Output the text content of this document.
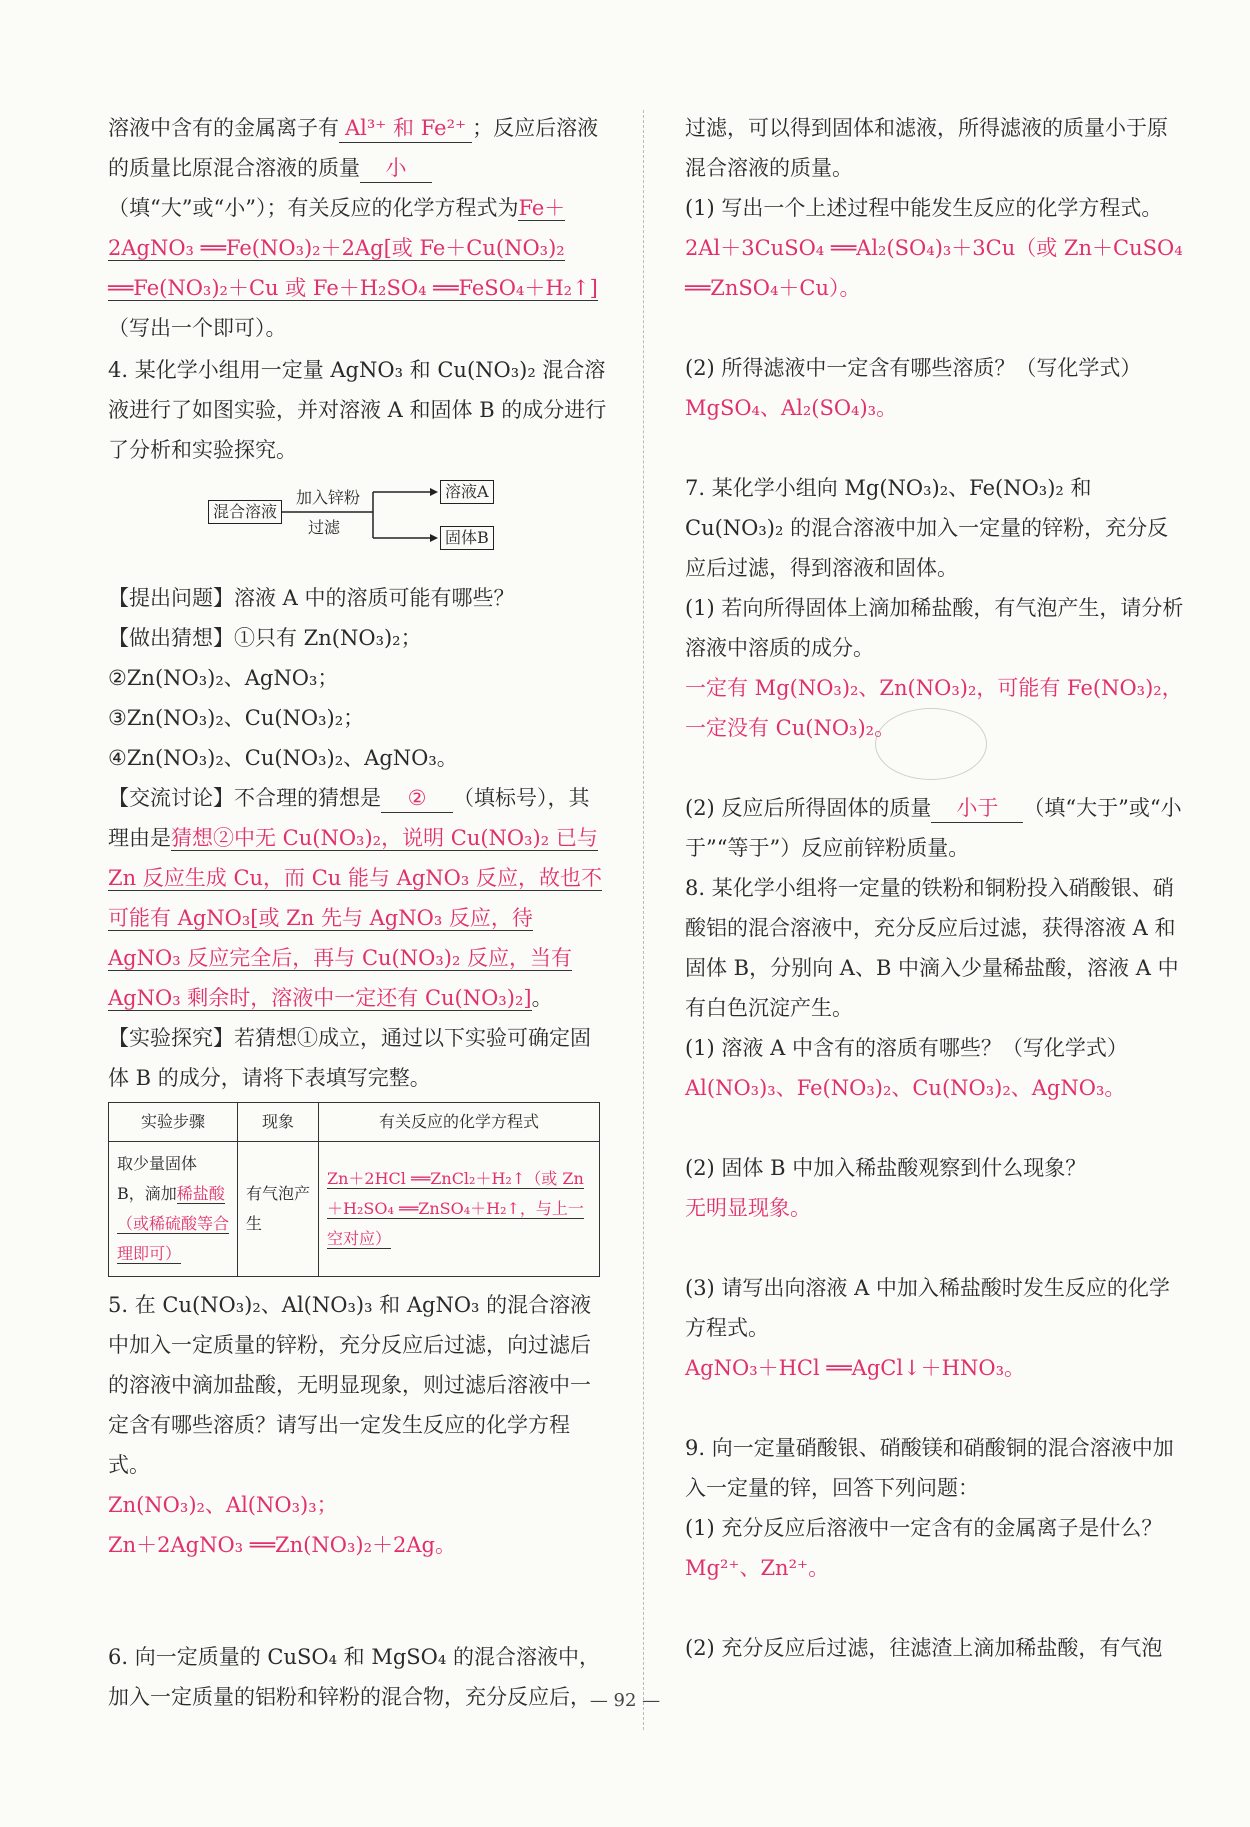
溶液中含有的金属离子有 Al³⁺ 和 Fe²⁺ ；反应后溶液的质量比原混合溶液的质量 小（填“大”或“小”）；有关反应的化学方程式为Fe＋2AgNO₃ ══Fe(NO₃)₂＋2Ag[或 Fe＋Cu(NO₃)₂ ══Fe(NO₃)₂＋Cu 或 Fe＋H₂SO₄ ══FeSO₄＋H₂↑]（写出一个即可）。

4. 某化学小组用一定量 AgNO₃ 和 Cu(NO₃)₂ 混合溶液进行了如图实验，并对溶液 A 和固体 B 的成分进行了分析和实验探究。

混合溶液
加入锌粉
过滤
溶液A
固体B

【提出问题】溶液 A 中的溶质可能有哪些？

【做出猜想】①只有 Zn(NO₃)₂；

②Zn(NO₃)₂、AgNO₃；

③Zn(NO₃)₂、Cu(NO₃)₂；

④Zn(NO₃)₂、Cu(NO₃)₂、AgNO₃。

【交流讨论】不合理的猜想是 ② （填标号），其理由是猜想②中无 Cu(NO₃)₂，说明 Cu(NO₃)₂ 已与 Zn 反应生成 Cu，而 Cu 能与 AgNO₃ 反应，故也不可能有 AgNO₃[或 Zn 先与 AgNO₃ 反应，待 AgNO₃ 反应完全后，再与 Cu(NO₃)₂ 反应，当有 AgNO₃ 剩余时，溶液中一定还有 Cu(NO₃)₂]。

【实验探究】若猜想①成立，通过以下实验可确定固体 B 的成分，请将下表填写完整。

实验步骤	现象	有关反应的化学方程式
取少量固体 B，滴加稀盐酸（或稀硫酸等合理即可）	有气泡产生	Zn＋2HCl ══ZnCl₂＋H₂↑（或 Zn＋H₂SO₄ ══ZnSO₄＋H₂↑，与上一空对应）

5. 在 Cu(NO₃)₂、Al(NO₃)₃ 和 AgNO₃ 的混合溶液中加入一定质量的锌粉，充分反应后过滤，向过滤后的溶液中滴加盐酸，无明显现象，则过滤后溶液中一定含有哪些溶质？请写出一定发生反应的化学方程式。

Zn(NO₃)₂、Al(NO₃)₃；

Zn＋2AgNO₃ ══Zn(NO₃)₂＋2Ag。

6. 向一定质量的 CuSO₄ 和 MgSO₄ 的混合溶液中，加入一定质量的铝粉和锌粉的混合物，充分反应后，

过滤，可以得到固体和滤液，所得滤液的质量小于原混合溶液的质量。

(1) 写出一个上述过程中能发生反应的化学方程式。

2Al＋3CuSO₄ ══Al₂(SO₄)₃＋3Cu（或 Zn＋CuSO₄ ══ZnSO₄＋Cu）。

(2) 所得滤液中一定含有哪些溶质？（写化学式）

MgSO₄、Al₂(SO₄)₃。

7. 某化学小组向 Mg(NO₃)₂、Fe(NO₃)₂ 和 Cu(NO₃)₂ 的混合溶液中加入一定量的锌粉，充分反应后过滤，得到溶液和固体。

(1) 若向所得固体上滴加稀盐酸，有气泡产生，请分析溶液中溶质的成分。

一定有 Mg(NO₃)₂、Zn(NO₃)₂，可能有 Fe(NO₃)₂，一定没有 Cu(NO₃)₂。

(2) 反应后所得固体的质量 小于 （填“大于”或“小于”“等于”）反应前锌粉质量。

8. 某化学小组将一定量的铁粉和铜粉投入硝酸银、硝酸铝的混合溶液中，充分反应后过滤，获得溶液 A 和固体 B，分别向 A、B 中滴入少量稀盐酸，溶液 A 中有白色沉淀产生。

(1) 溶液 A 中含有的溶质有哪些？（写化学式）

Al(NO₃)₃、Fe(NO₃)₂、Cu(NO₃)₂、AgNO₃。

(2) 固体 B 中加入稀盐酸观察到什么现象？

无明显现象。

(3) 请写出向溶液 A 中加入稀盐酸时发生反应的化学方程式。

AgNO₃＋HCl ══AgCl↓＋HNO₃。

9. 向一定量硝酸银、硝酸镁和硝酸铜的混合溶液中加入一定量的锌，回答下列问题：

(1) 充分反应后溶液中一定含有的金属离子是什么？

Mg²⁺、Zn²⁺。

(2) 充分反应后过滤，往滤渣上滴加稀盐酸，有气泡

— 92 —
